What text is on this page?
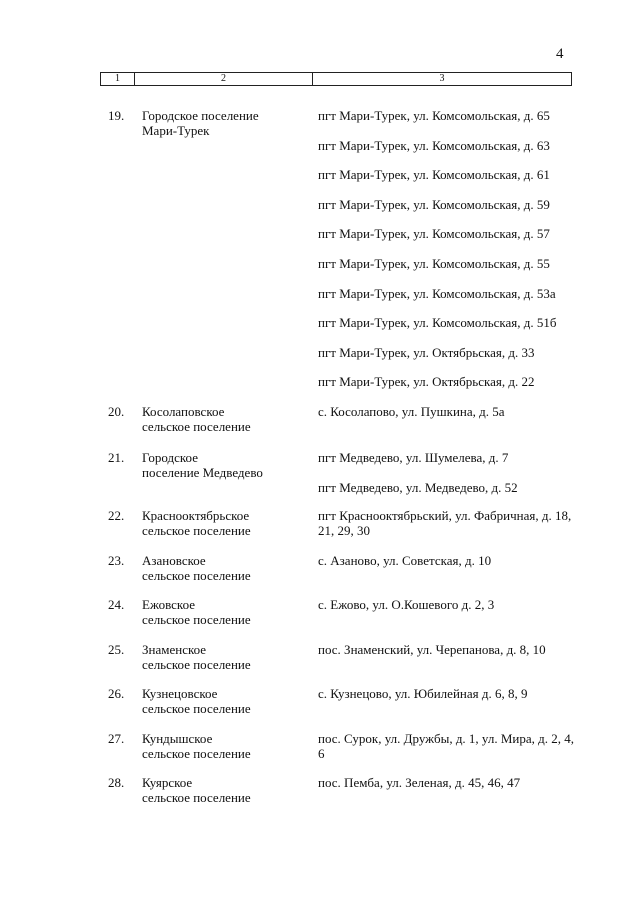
4
1	2	3
19. Городское поселение
Мари-Турек
пгт Мари-Турек, ул. Комсомольская, д. 65
пгт Мари-Турек, ул. Комсомольская, д. 63
пгт Мари-Турек, ул. Комсомольская, д. 61
пгт Мари-Турек, ул. Комсомольская, д. 59
пгт Мари-Турек, ул. Комсомольская, д. 57
пгт Мари-Турек, ул. Комсомольская, д. 55
пгт Мари-Турек, ул. Комсомольская, д. 53а
пгт Мари-Турек, ул. Комсомольская, д. 51б
пгт Мари-Турек, ул. Октябрьская, д. 33
пгт Мари-Турек, ул. Октябрьская, д. 22
20. Косолаповское
сельское поселение
с. Косолапово, ул. Пушкина, д. 5а
21. Городское
поселение Медведево
пгт Медведево, ул. Шумелева, д. 7
пгт Медведево, ул. Медведево, д. 52
22. Краснооктябрьское
сельское поселение
пгт Краснооктябрьский, ул. Фабричная, д. 18, 21, 29, 30
23. Азановское
сельское поселение
с. Азаново, ул. Советская, д. 10
24. Ежовское
сельское поселение
с. Ежово, ул. О.Кошевого д. 2, 3
25. Знаменское
сельское поселение
пос. Знаменский, ул. Черепанова, д. 8, 10
26. Кузнецовское
сельское поселение
с. Кузнецово, ул. Юбилейная д. 6, 8, 9
27. Кундышское
сельское поселение
пос. Сурок, ул. Дружбы, д. 1, ул. Мира, д. 2, 4, 6
28. Куярское
сельское поселение
пос. Пемба, ул. Зеленая, д. 45, 46, 47
